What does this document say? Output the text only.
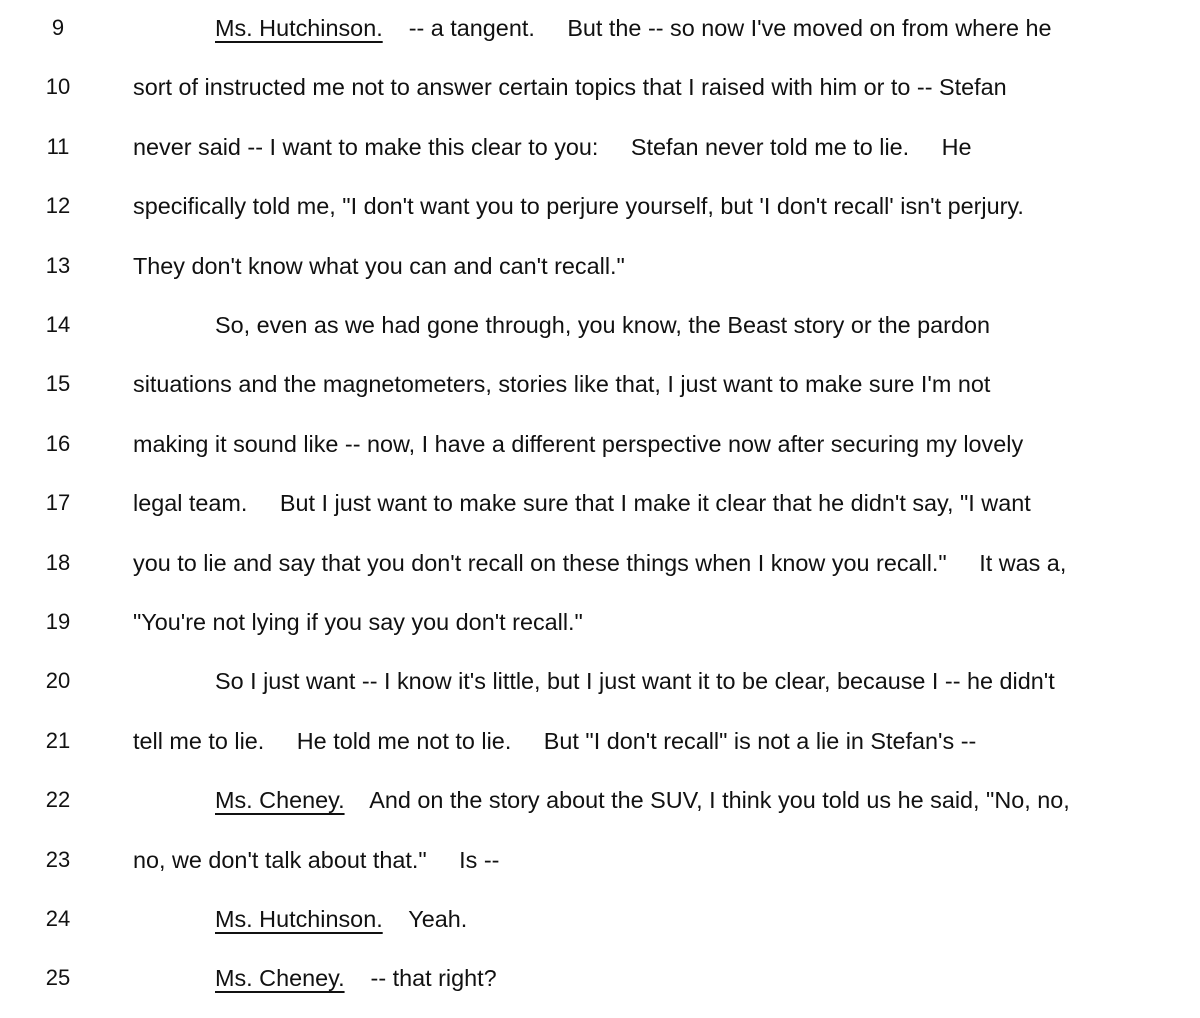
9	Ms. Hutchinson.    -- a tangent.     But the -- so now I've moved on from where he
10	sort of instructed me not to answer certain topics that I raised with him or to -- Stefan
11	never said -- I want to make this clear to you:     Stefan never told me to lie.     He
12	specifically told me, "I don't want you to perjure yourself, but 'I don't recall' isn't perjury.
13	They don't know what you can and can't recall."
14	So, even as we had gone through, you know, the Beast story or the pardon
15	situations and the magnetometers, stories like that, I just want to make sure I'm not
16	making it sound like -- now, I have a different perspective now after securing my lovely
17	legal team.     But I just want to make sure that I make it clear that he didn't say, "I want
18	you to lie and say that you don't recall on these things when I know you recall."     It was a,
19	"You're not lying if you say you don't recall."
20	So I just want -- I know it's little, but I just want it to be clear, because I -- he didn't
21	tell me to lie.     He told me not to lie.     But "I don't recall" is not a lie in Stefan's --
22	Ms. Cheney.    And on the story about the SUV, I think you told us he said, "No, no,
23	no, we don't talk about that."     Is --
24	Ms. Hutchinson.    Yeah.
25	Ms. Cheney.    -- that right?
